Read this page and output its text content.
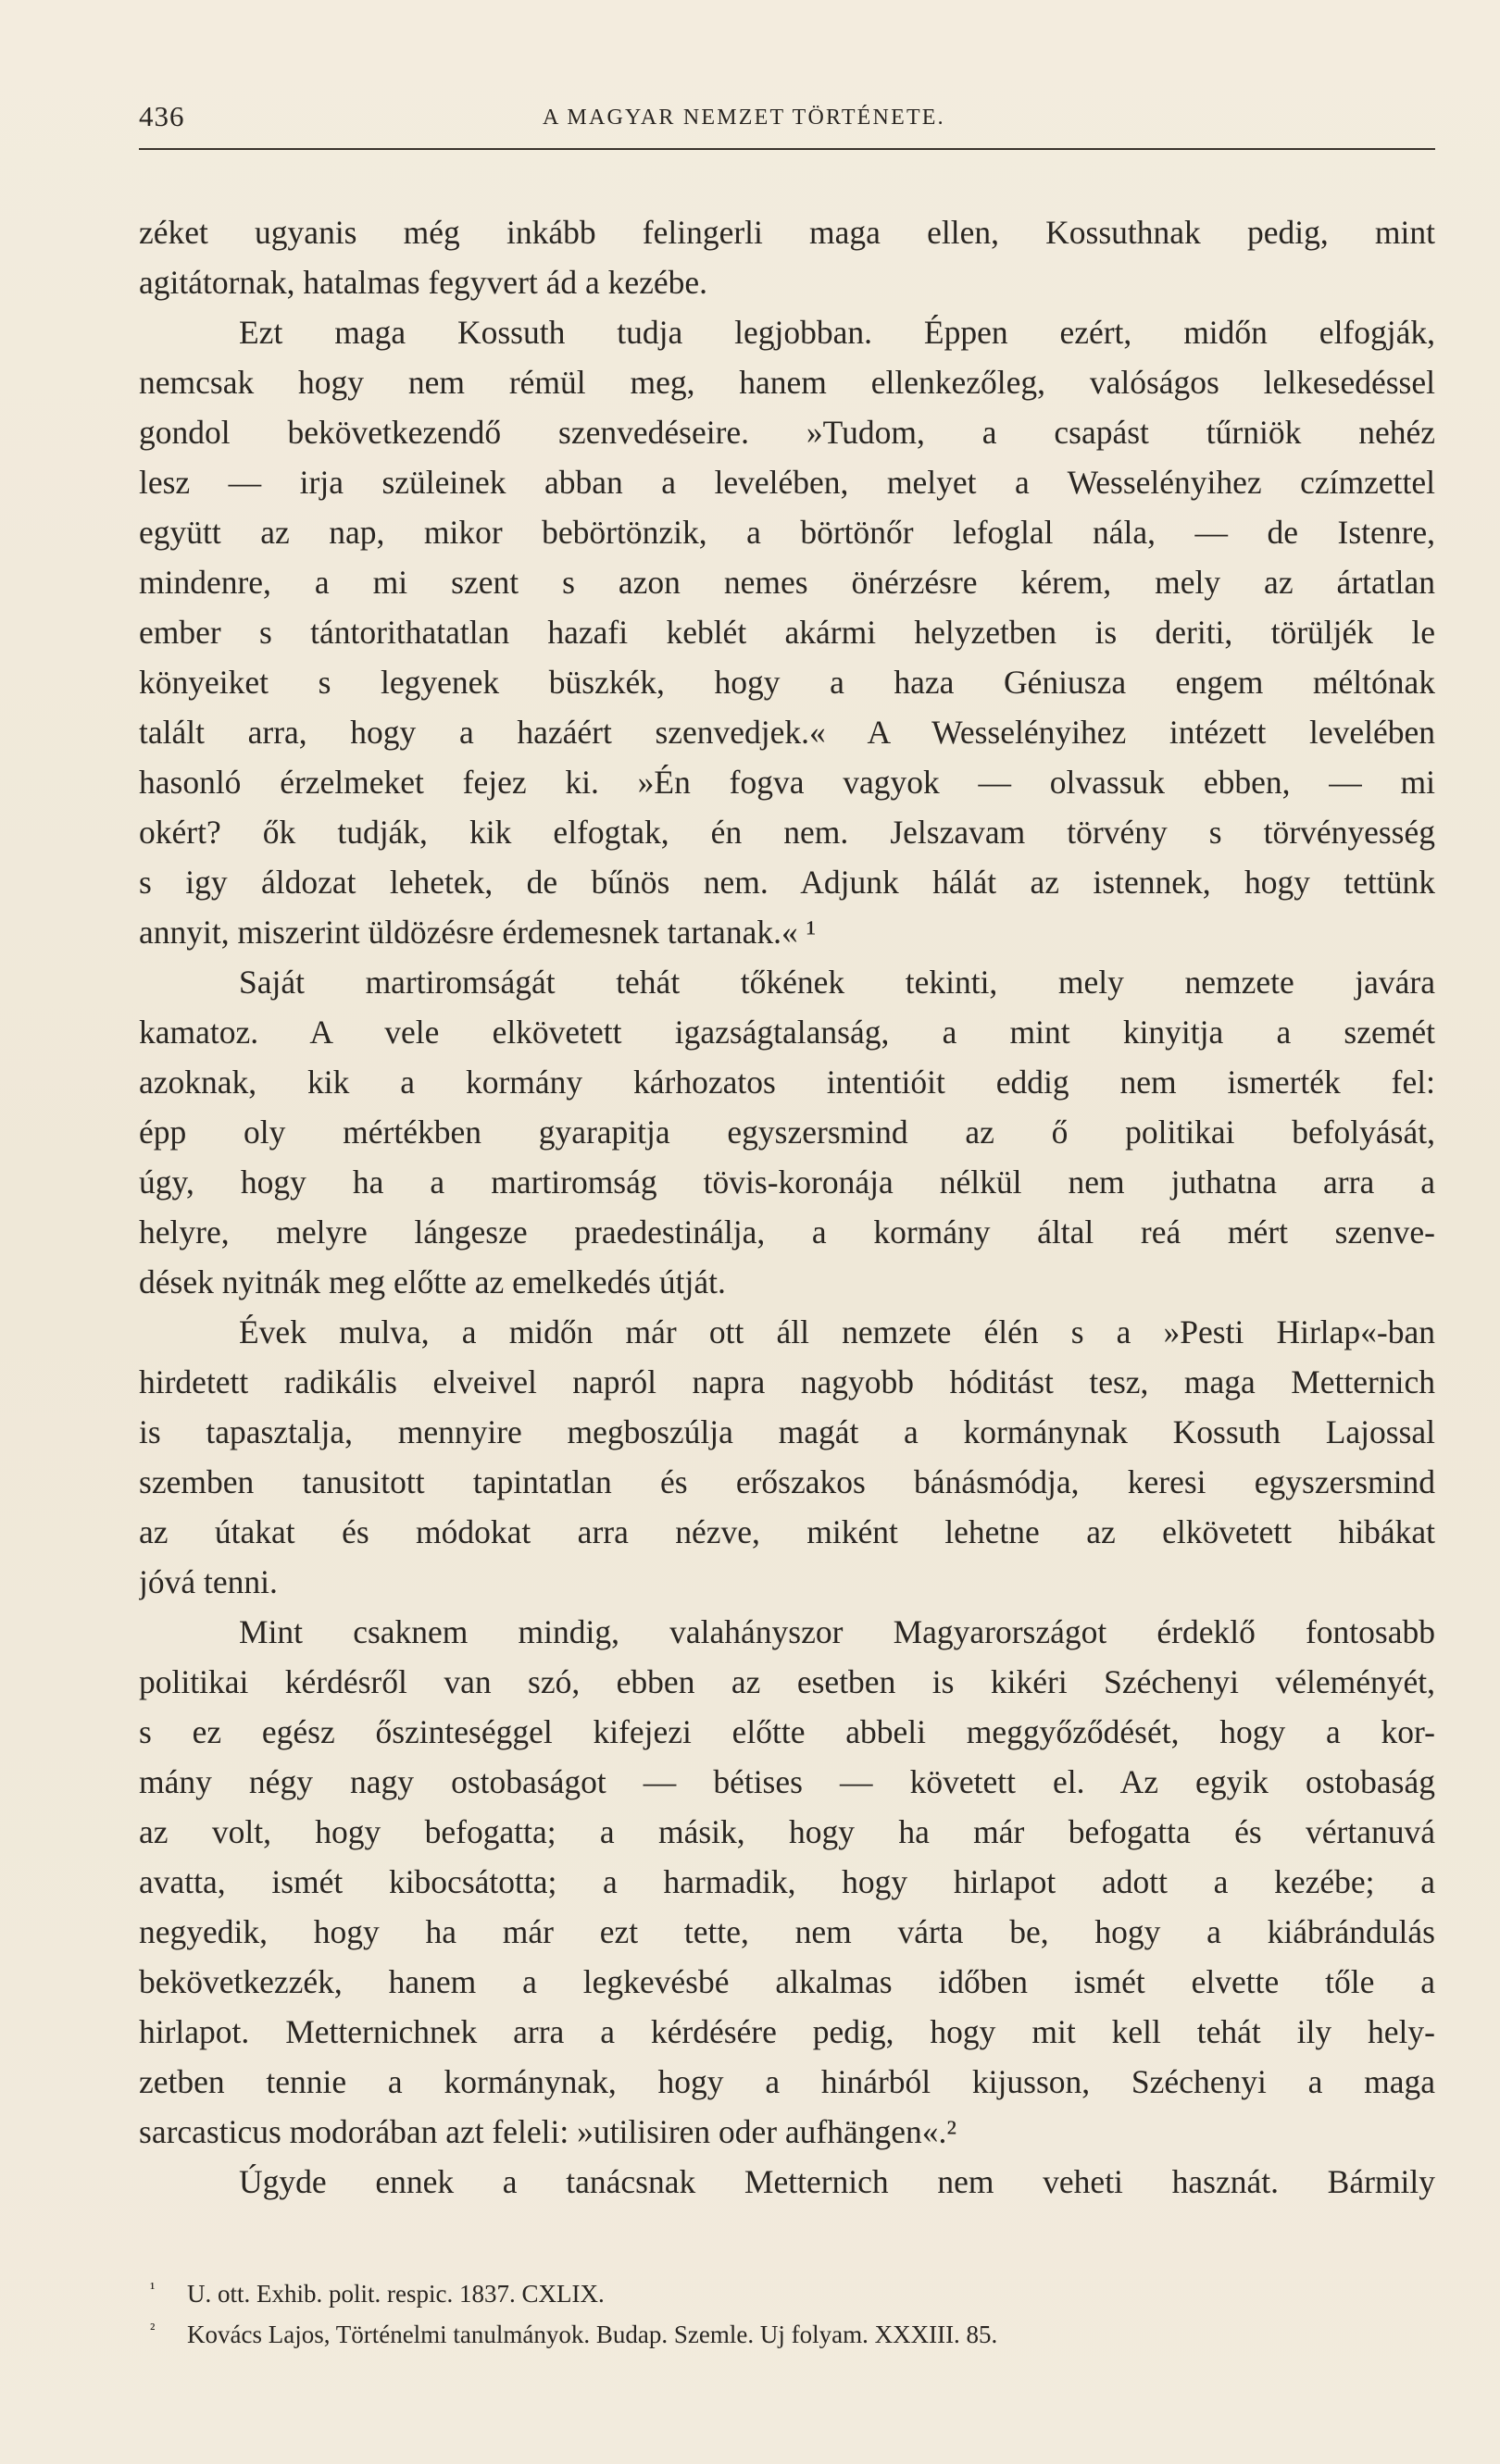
436	A MAGYAR NEMZET TÖRTÉNETE.
zéket ugyanis még inkább felingerli maga ellen, Kossuthnak pedig, mint
agitátornak, hatalmas fegyvert ád a kezébe.
Ezt maga Kossuth tudja legjobban. Éppen ezért, midőn elfogják,
nemcsak hogy nem rémül meg, hanem ellenkezőleg, valóságos lelkesedéssel
gondol bekövetkezendő szenvedéseire. »Tudom, a csapást tűrniök nehéz
lesz — irja szüleinek abban a levelében, melyet a Wesselényihez czímzettel
együtt az nap, mikor bebörtönzik, a börtönőr lefoglal nála, — de Istenre,
mindenre, a mi szent s azon nemes önérzésre kérem, mely az ártatlan
ember s tántorithatatlan hazafi keblét akármi helyzetben is deriti, törüljék le
könyeiket s legyenek büszkék, hogy a haza Géniusza engem méltónak
talált arra, hogy a hazáért szenvedjek.« A Wesselényihez intézett levelében
hasonló érzelmeket fejez ki. »Én fogva vagyok — olvassuk ebben, — mi
okért? ők tudják, kik elfogtak, én nem. Jelszavam törvény s törvényesség
s igy áldozat lehetek, de bűnös nem. Adjunk hálát az istennek, hogy tettünk
annyit, miszerint üldözésre érdemesnek tartanak.« ¹
Saját martiromságát tehát tőkének tekinti, mely nemzete javára
kamatoz. A vele elkövetett igazságtalanság, a mint kinyitja a szemét
azoknak, kik a kormány kárhozatos intentióit eddig nem ismerték fel:
épp oly mértékben gyarapitja egyszersmind az ő politikai befolyását,
úgy, hogy ha a martiromság tövis-koronája nélkül nem juthatna arra a
helyre, melyre lángesze praedestinálja, a kormány által reá mért szenve-
dések nyitnák meg előtte az emelkedés útját.
Évek mulva, a midőn már ott áll nemzete élén s a »Pesti Hirlap«-ban
hirdetett radikális elveivel napról napra nagyobb hóditást tesz, maga Metternich
is tapasztalja, mennyire megboszúlja magát a kormánynak Kossuth Lajossal
szemben tanusitott tapintatlan és erőszakos bánásmódja, keresi egyszersmind
az útakat és módokat arra nézve, miként lehetne az elkövetett hibákat
jóvá tenni.
Mint csaknem mindig, valahányszor Magyarországot érdeklő fontosabb
politikai kérdésről van szó, ebben az esetben is kikéri Széchenyi véleményét,
s ez egész őszinteséggel kifejezi előtte abbeli meggyőződését, hogy a kor-
mány négy nagy ostobaságot — bétises — követett el. Az egyik ostobaság
az volt, hogy befogatta; a másik, hogy ha már befogatta és vértanuvá
avatta, ismét kibocsátotta; a harmadik, hogy hirlapot adott a kezébe; a
negyedik, hogy ha már ezt tette, nem várta be, hogy a kiábrándulás
bekövetkezzék, hanem a legkevésbé alkalmas időben ismét elvette tőle a
hirlapot. Metternichnek arra a kérdésére pedig, hogy mit kell tehát ily hely-
zetben tennie a kormánynak, hogy a hinárból kijusson, Széchenyi a maga
sarcasticus modorában azt feleli: »utilisiren oder aufhängen«.²
Úgyde ennek a tanácsnak Metternich nem veheti hasznát. Bármily
¹ U. ott. Exhib. polit. respic. 1837. CXLIX.
² Kovács Lajos, Történelmi tanulmányok. Budap. Szemle. Uj folyam. XXXIII. 85.
